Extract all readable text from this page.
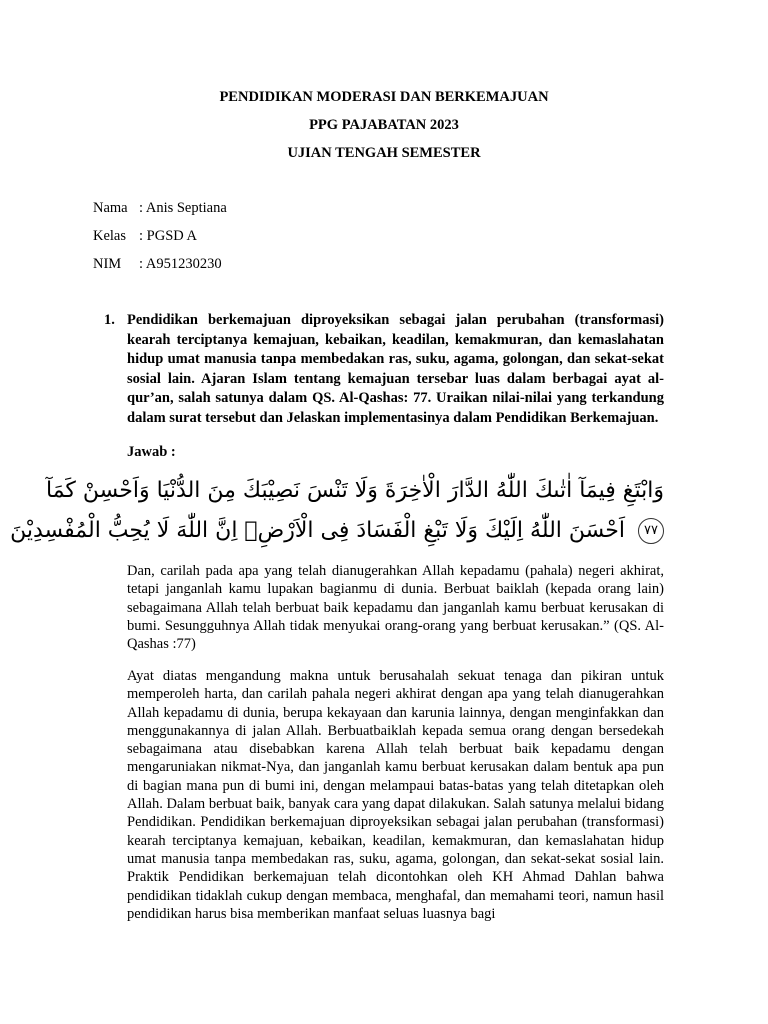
PENDIDIKAN MODERASI DAN BERKEMAJUAN

PPG PAJABATAN 2023

UJIAN TENGAH SEMESTER

Nama : Anis Septiana
Kelas : PGSD A
NIM	: A951230230
1. Pendidikan berkemajuan diproyeksikan sebagai jalan perubahan (transformasi) kearah terciptanya kemajuan, kebaikan, keadilan, kemakmuran, dan kemaslahatan hidup umat manusia tanpa membedakan ras, suku, agama, golongan, dan sekat-sekat sosial lain. Ajaran Islam tentang kemajuan tersebar luas dalam berbagai ayat al-qur’an, salah satunya dalam QS. Al-Qashas: 77. Uraikan nilai-nilai yang terkandung dalam surat tersebut dan Jelaskan implementasinya dalam Pendidikan Berkemajuan.
Jawab :
وَابْتَغِ فِيمَآ اٰتٰىكَ اللّٰهُ الدَّارَ الْاٰخِرَةَ وَلَا تَنْسَ نَصِيْبَكَ مِنَ الدُّنْيَا وَاَحْسِنْ كَمَآ
٧٧ اَحْسَنَ اللّٰهُ اِلَيْكَ وَلَا تَبْغِ الْفَسَادَ فِى الْاَرْضِۗ اِنَّ اللّٰهَ لَا يُحِبُّ الْمُفْسِدِيْنَ

Dan, carilah pada apa yang telah dianugerahkan Allah kepadamu (pahala) negeri akhirat, tetapi janganlah kamu lupakan bagianmu di dunia. Berbuat baiklah (kepada orang lain) sebagaimana Allah telah berbuat baik kepadamu dan janganlah kamu berbuat kerusakan di bumi. Sesungguhnya Allah tidak menyukai orang-orang yang berbuat kerusakan.” (QS. Al-Qashas :77)

Ayat diatas mengandung makna untuk berusahalah sekuat tenaga dan pikiran untuk memperoleh harta, dan carilah pahala negeri akhirat dengan apa yang telah dianugerahkan Allah kepadamu di dunia, berupa kekayaan dan karunia lainnya, dengan menginfakkan dan menggunakannya di jalan Allah. Berbuatbaiklah kepada semua orang dengan bersedekah sebagaimana atau disebabkan karena Allah telah berbuat baik kepadamu dengan mengaruniakan nikmat-Nya, dan janganlah kamu berbuat kerusakan dalam bentuk apa pun di bagian mana pun di bumi ini, dengan melampaui batas-batas yang telah ditetapkan oleh Allah. Dalam berbuat baik, banyak cara yang dapat dilakukan. Salah satunya melalui bidang Pendidikan. Pendidikan berkemajuan diproyeksikan sebagai jalan perubahan (transformasi) kearah terciptanya kemajuan, kebaikan, keadilan, kemakmuran, dan kemaslahatan hidup umat manusia tanpa membedakan ras, suku, agama, golongan, dan sekat-sekat sosial lain. Praktik Pendidikan berkemajuan telah dicontohkan oleh KH Ahmad Dahlan bahwa pendidikan tidaklah cukup dengan membaca, menghafal, dan memahami teori, namun hasil pendidikan harus bisa memberikan manfaat seluas luasnya bagi
